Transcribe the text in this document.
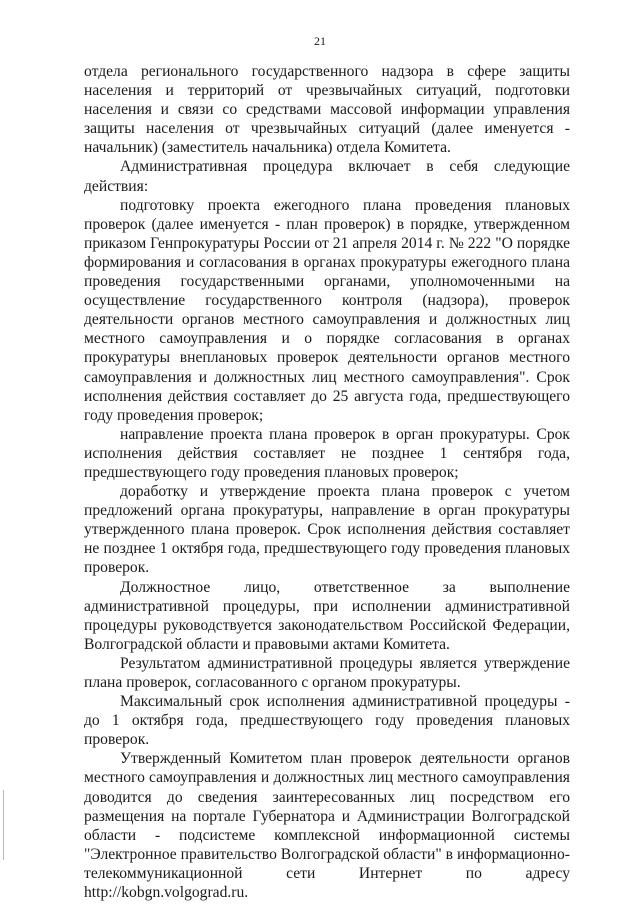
21

отдела регионального государственного надзора в сфере защиты населения и территорий от чрезвычайных ситуаций, подготовки населения и связи со средствами массовой информации управления защиты населения от чрезвычайных ситуаций (далее именуется - начальник) (заместитель начальника) отдела Комитета.

Административная процедура включает в себя следующие действия:

подготовку проекта ежегодного плана проведения плановых проверок (далее именуется - план проверок) в порядке, утвержденном приказом Генпрокуратуры России от 21 апреля 2014 г. № 222 "О порядке формирования и согласования в органах прокуратуры ежегодного плана проведения государственными органами, уполномоченными на осуществление государственного контроля (надзора), проверок деятельности органов местного самоуправления и должностных лиц местного самоуправления и о порядке согласования в органах прокуратуры внеплановых проверок деятельности органов местного самоуправления и должностных лиц местного самоуправления". Срок исполнения действия составляет до 25 августа года, предшествующего году проведения проверок;

направление проекта плана проверок в орган прокуратуры. Срок исполнения действия составляет не позднее 1 сентября года, предшествующего году проведения плановых проверок;

доработку и утверждение проекта плана проверок с учетом предложений органа прокуратуры, направление в орган прокуратуры утвержденного плана проверок. Срок исполнения действия составляет не позднее 1 октября года, предшествующего году проведения плановых проверок.

Должностное лицо, ответственное за выполнение административной процедуры, при исполнении административной процедуры руководствуется законодательством Российской Федерации, Волгоградской области и правовыми актами Комитета.

Результатом административной процедуры является утверждение плана проверок, согласованного с органом прокуратуры.

Максимальный срок исполнения административной процедуры - до 1 октября года, предшествующего году проведения плановых проверок.

Утвержденный Комитетом план проверок деятельности органов местного самоуправления и должностных лиц местного самоуправления доводится до сведения заинтересованных лиц посредством его размещения на портале Губернатора и Администрации Волгоградской области - подсистеме комплексной информационной системы "Электронное правительство Волгоградской области" в информационно-телекоммуникационной сети Интернет по адресу http://kobgn.volgograd.ru.
